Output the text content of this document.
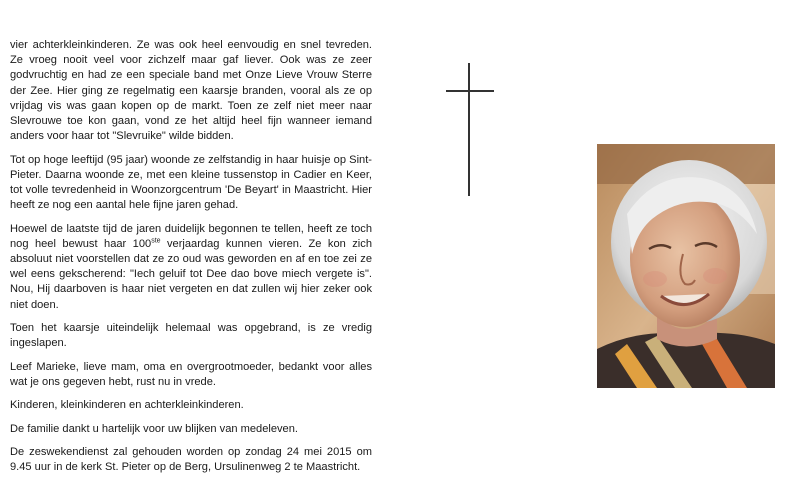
vier achterkleinkinderen. Ze was ook heel eenvoudig en snel tevreden. Ze vroeg nooit veel voor zichzelf maar gaf liever. Ook was ze zeer godvruchtig en had ze een speciale band met Onze Lieve Vrouw Sterre der Zee. Hier ging ze regelmatig een kaarsje branden, vooral als ze op vrijdag vis was gaan kopen op de markt. Toen ze zelf niet meer naar Slevrouwe toe kon gaan, vond ze het altijd heel fijn wanneer iemand anders voor haar tot "Slevruike" wilde bidden.

Tot op hoge leeftijd (95 jaar) woonde ze zelfstandig in haar huisje op Sint-Pieter. Daarna woonde ze, met een kleine tussenstop in Cadier en Keer, tot volle tevredenheid in Woonzorgcentrum 'De Beyart' in Maastricht. Hier heeft ze nog een aantal hele fijne jaren gehad.

Hoewel de laatste tijd de jaren duidelijk begonnen te tellen, heeft ze toch nog heel bewust haar 100ste verjaardag kunnen vieren. Ze kon zich absoluut niet voorstellen dat ze zo oud was geworden en af en toe zei ze wel eens gekscherend: "Iech geluif tot Dee dao bove miech vergete is". Nou, Hij daarboven is haar niet vergeten en dat zullen wij hier zeker ook niet doen.

Toen het kaarsje uiteindelijk helemaal was opgebrand, is ze vredig ingeslapen.

Leef Marieke, lieve mam, oma en overgrootmoeder, bedankt voor alles wat je ons gegeven hebt, rust nu in vrede.

Kinderen, kleinkinderen en achterkleinkinderen.

De familie dankt u hartelijk voor uw blijken van medeleven.

De zeswekendienst zal gehouden worden op zondag 24 mei 2015 om 9.45 uur in de kerk St. Pieter op de Berg, Ursulinenweg 2 te Maastricht.
